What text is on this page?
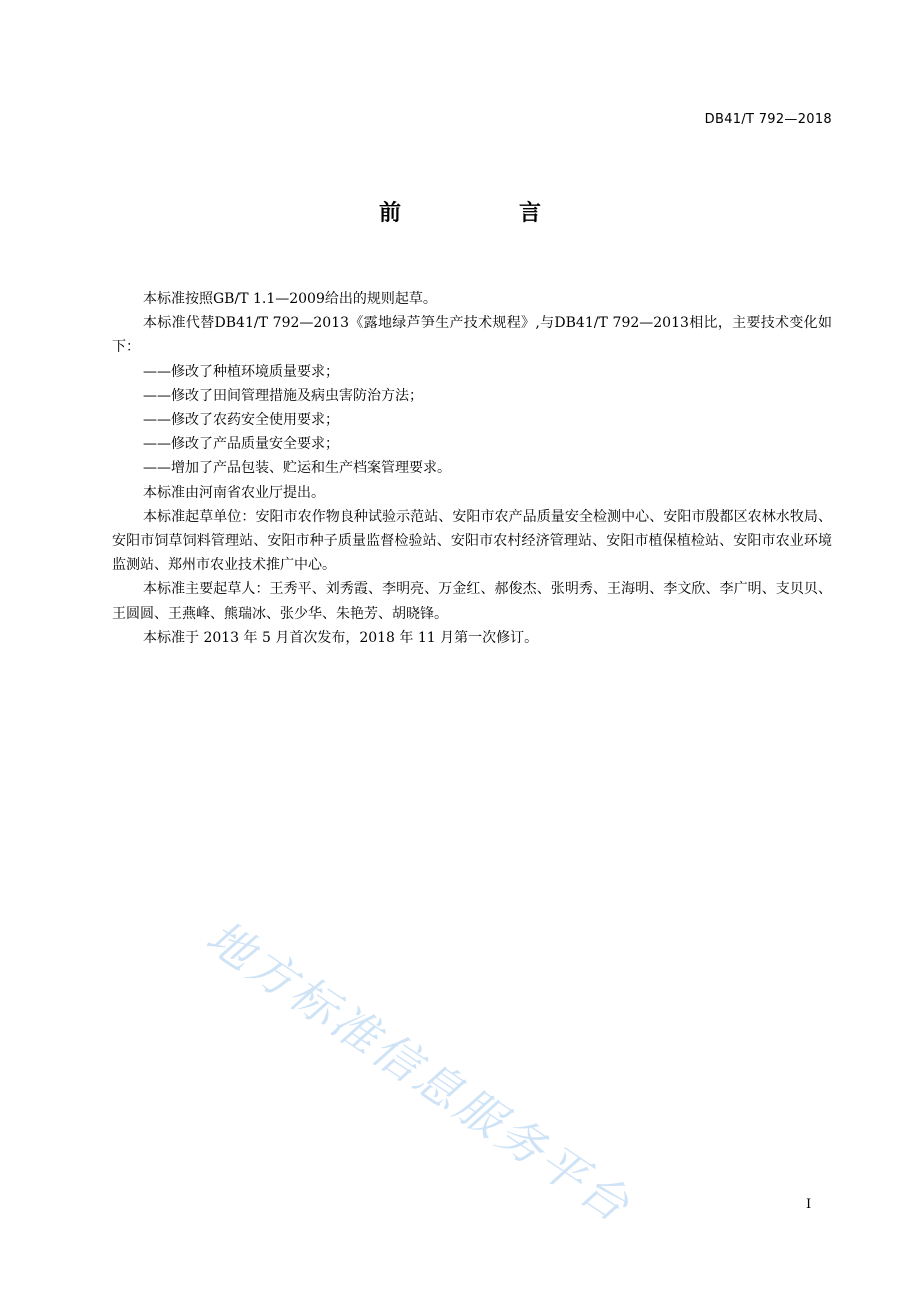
DB41/T 792—2018
前　言

本标准按照GB/T 1.1—2009给出的规则起草。

本标准代替DB41/T 792—2013《露地绿芦笋生产技术规程》,与DB41/T 792—2013相比，主要技术变化如下：

——修改了种植环境质量要求；

——修改了田间管理措施及病虫害防治方法；

——修改了农药安全使用要求；

——修改了产品质量安全要求；

——增加了产品包装、贮运和生产档案管理要求。

本标准由河南省农业厅提出。

本标准起草单位：安阳市农作物良种试验示范站、安阳市农产品质量安全检测中心、安阳市殷都区农林水牧局、安阳市饲草饲料管理站、安阳市种子质量监督检验站、安阳市农村经济管理站、安阳市植保植检站、安阳市农业环境监测站、郑州市农业技术推广中心。

本标准主要起草人：王秀平、刘秀霞、李明亮、万金红、郝俊杰、张明秀、王海明、李文欣、李广明、支贝贝、王圆圆、王燕峰、熊瑞冰、张少华、朱艳芳、胡晓锋。

本标准于 2013 年 5 月首次发布，2018 年 11 月第一次修订。

地方标准信息服务平台	I
